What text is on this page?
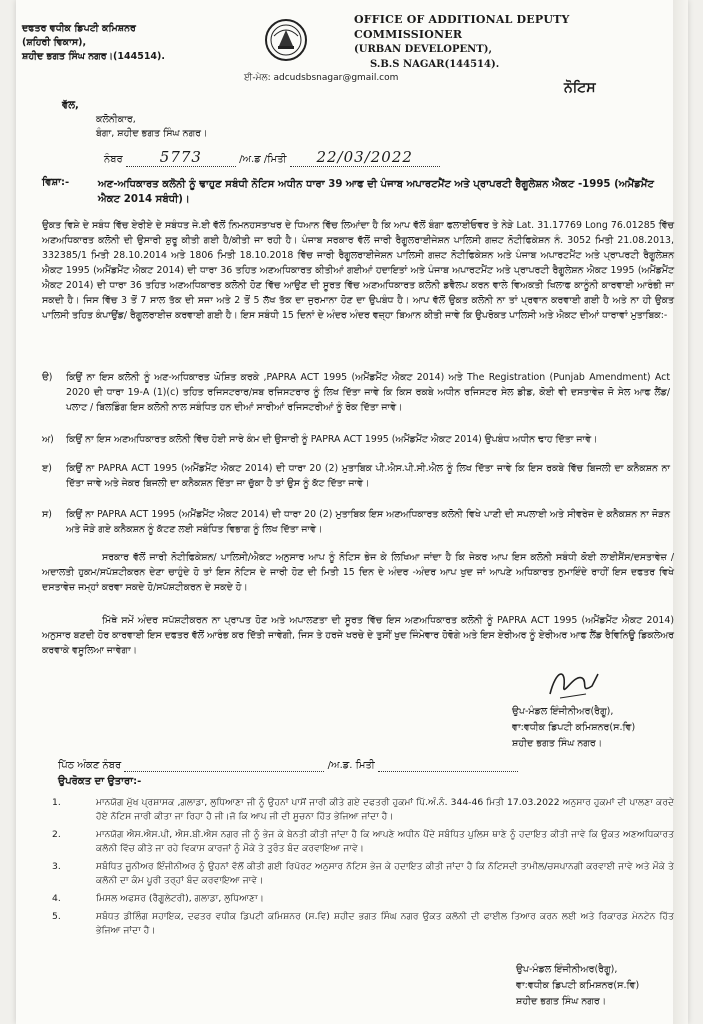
ਦਫਤਰ ਵਧੀਕ ਡਿਪਟੀ ਕਮਿਸ਼ਨਰ
(ਸ਼ਹਿਰੀ ਵਿਕਾਸ),
ਸ਼ਹੀਦ ਭਗਤ ਸਿੰਘ ਨਗਰ।(144514).
OFFICE OF ADDITIONAL DEPUTY COMMISSIONER
(URBAN DEVELOPENT),
S.B.S NAGAR(144514).
ਈ-ਮੇਲ: adcudsbsnagar@gmail.com
ਨੋਟਿਸ
ਵੱਲ,
ਕਲੋਨੀਕਾਰ,
ਬੰਗਾ, ਸ਼ਹੀਦ ਭਗਤ ਸਿੰਘ ਨਗਰ।
ਨੰਬਰ 5773	/ਅ.ਡ /ਮਿਤੀ 22/03/2022
ਵਿਸ਼ਾ:-	ਅਣ-ਅਧਿਕਾਰਤ ਕਲੋਨੀ ਨੂੰ ਢਾਹੁਣ ਸਬੰਧੀ ਨੋਟਿਸ ਅਧੀਨ ਧਾਰਾ 39 ਆਫ ਦੀ ਪੰਜਾਬ ਅਪਾਰਟਮੈਂਟ ਅਤੇ ਪ੍ਰਾਪਰਟੀ ਰੈਗੂਲੇਸ਼ਨ ਐਕਟ -1995 (ਅਮੈਂਡਮੈਂਟ ਐਕਟ 2014 ਸਬੰਧੀ)।
ਉਕਤ ਵਿਸ਼ੇ ਦੇ ਸਬੰਧ ਵਿੱਚ ਏਰੀਏ ਦੇ ਸਬੰਧਤ ਜੇ.ਈ ਵੱਲੋਂ ਨਿਮਨਹਸਤਾਖਰ ਦੇ ਧਿਆਨ ਵਿੱਚ ਲਿਆਂਦਾ ਹੈ ਕਿ ਆਪ ਵੱਲੋਂ ਬੰਗਾ ਫਲਾਈਓਵਰ ਤੇ ਨੇੜੇ Lat. 31.17769 Long 76.01285 ਵਿੱਚ ਅਣਅਧਿਕਾਰਤ ਕਲੋਨੀ ਦੀ ਉਸਾਰੀ ਸ਼ੁਰੂ ਕੀਤੀ ਗਈ ਹੈ/ਕੀਤੀ ਜਾ ਰਹੀ ਹੈ। ਪੰਜਾਬ ਸਰਕਾਰ ਵੱਲੋਂ ਜਾਰੀ ਰੈਗੂਲਰਾਈਜੇਸ਼ਨ ਪਾਲਿਸੀ ਗਜ਼ਟ ਨੋਟੀਫਿਕੇਸ਼ਨ ਨੰ. 3052 ਮਿਤੀ 21.08.2013, 332385/1 ਮਿਤੀ 28.10.2014 ਅਤੇ 1806 ਮਿਤੀ 18.10.2018 ਵਿੱਚ ਜਾਰੀ ਰੈਗੂਲਰਾਈਜੇਸ਼ਨ ਪਾਲਿਸੀ ਗਜ਼ਟ ਨੋਟੀਫਿਕੇਸ਼ਨ ਅਤੇ ਪੰਜਾਬ ਅਪਾਰਟਮੈਂਟ ਅਤੇ ਪ੍ਰਾਪਰਟੀ ਰੈਗੂਲੇਸ਼ਨ ਐਕਟ 1995 (ਅਮੈਂਡਮੈਂਟ ਐਕਟ 2014) ਦੀ ਧਾਰਾ 36 ਤਹਿਤ ਅਣਅਧਿਕਾਰਤ ਕੀਤੀਆਂ ਗਈਆਂ ਹਦਾਇਤਾਂ ਅਤੇ ਪੰਜਾਬ ਅਪਾਰਟਮੈਂਟ ਅਤੇ ਪ੍ਰਾਪਰਟੀ ਰੈਗੂਲੇਸ਼ਨ ਐਕਟ 1995 (ਅਮੈਂਡਮੈਂਟ ਐਕਟ 2014) ਦੀ ਧਾਰਾ 36 ਤਹਿਤ ਅਣਅਧਿਕਾਰਤ ਕਲੋਨੀ ਹੋਣ ਵਿੱਚ ਆਉਣ ਦੀ ਸੂਰਤ ਵਿੱਚ ਅਣਅਧਿਕਾਰਤ ਕਲੋਨੀ ਡਵੈਲਪ ਕਰਨ ਵਾਲੇ ਵਿਅਕਤੀ ਖਿਲਾਫ ਕਾਨੂੰਨੀ ਕਾਰਵਾਈ ਆਰੰਭੀ ਜਾ ਸਕਦੀ ਹੈ। ਜਿਸ ਵਿੱਚ 3 ਤੋਂ 7 ਸਾਲ ਤੱਕ ਦੀ ਸਜਾ ਅਤੇ 2 ਤੋਂ 5 ਲੱਖ ਤੱਕ ਦਾ ਜੁਰਮਾਨਾ ਹੋਣ ਦਾ ਉਪਬੰਧ ਹੈ। ਆਪ ਵੱਲੋਂ ਉਕਤ ਕਲੋਨੀ ਨਾ ਤਾਂ ਪ੍ਰਵਾਨ ਕਰਵਾਈ ਗਈ ਹੈ ਅਤੇ ਨਾ ਹੀ ਉਕਤ ਪਾਲਿਸੀ ਤਹਿਤ ਕੰਪਾਉਂਡ/ ਰੈਗੂਲਰਾਈਜ਼ ਕਰਵਾਈ ਗਈ ਹੈ। ਇਸ ਸਬੰਧੀ 15 ਦਿਨਾਂ ਦੇ ਅੰਦਰ ਅੰਦਰ ਵਜ਼੍ਹਾ ਬਿਆਨ ਕੀਤੀ ਜਾਵੇ ਕਿ ਉਪਰੋਕਤ ਪਾਲਿਸੀ ਅਤੇ ਐਕਟ ਦੀਆਂ ਧਾਰਾਵਾਂ ਮੁਤਾਬਿਕ:-
ੳ) ਕਿਉਂ ਨਾ ਇਸ ਕਲੋਨੀ ਨੂੰ ਅਣ-ਅਧਿਕਾਰਤ ਘੋਸ਼ਿਤ ਕਰਕੇ ,PAPRA ACT 1995 (ਅਮੈਂਡਮੈਂਟ ਐਕਟ 2014) ਅਤੇ The Registration (Punjab Amendment) Act 2020 ਦੀ ਧਾਰਾ 19-A (1)(c) ਤਹਿਤ ਰਜਿਸਟਰਾਰ/ਸਬ ਰਜਿਸਟਰਾਰ ਨੂੰ ਲਿਖ ਦਿੱਤਾ ਜਾਵੇ ਕਿ ਕਿਸ ਰਕਬੇ ਅਧੀਨ ਰਜਿਸਟਰ ਸੇਲ ਡੀਡ, ਕੋਈ ਵੀ ਦਸਤਾਵੇਜ਼ ਜੋ ਸੇਲ ਆਫ ਲੈਂਡ/ ਪਲਾਟ / ਬਿਲਡਿੰਗ ਇਸ ਕਲੋਨੀ ਨਾਲ ਸਬੰਧਿਤ ਹਨ ਦੀਆਂ ਸਾਰੀਆਂ ਰਜਿਸਟਰੀਆਂ ਨੂੰ ਰੋਕ ਦਿੱਤਾ ਜਾਵੇ।
ਅ) ਕਿਉਂ ਨਾ ਇਸ ਅਣਅਧਿਕਾਰਤ ਕਲੋਨੀ ਵਿੱਚ ਹੋਈ ਸਾਰੇ ਕੰਮ ਦੀ ਉਸਾਰੀ ਨੂੰ PAPRA ACT 1995 (ਅਮੈਂਡਮੈਂਟ ਐਕਟ 2014) ਉਪਬੰਧ ਅਧੀਨ ਢਾਹ ਦਿੱਤਾ ਜਾਵੇ।
ੲ) ਕਿਉਂ ਨਾ PAPRA ACT 1995 (ਅਮੈਂਡਮੈਂਟ ਐਕਟ 2014) ਦੀ ਧਾਰਾ 20 (2) ਮੁਤਾਬਿਕ ਪੀ.ਐਸ.ਪੀ.ਸੀ.ਐਲ ਨੂੰ ਲਿਖ ਦਿੱਤਾ ਜਾਵੇ ਕਿ ਇਸ ਰਕਬੇ ਵਿੱਚ ਬਿਜਲੀ ਦਾ ਕਨੈਕਸ਼ਨ ਨਾ ਦਿੱਤਾ ਜਾਵੇ ਅਤੇ ਜੇਕਰ ਬਿਜਲੀ ਦਾ ਕਨੈਕਸ਼ਨ ਦਿੱਤਾ ਜਾ ਚੁੱਕਾ ਹੈ ਤਾਂ ਉਸ ਨੂੰ ਕੱਟ ਦਿੱਤਾ ਜਾਵੇ।
ਸ) ਕਿਉਂ ਨਾ PAPRA ACT 1995 (ਅਮੈਂਡਮੈਂਟ ਐਕਟ 2014) ਦੀ ਧਾਰਾ 20 (2) ਮੁਤਾਬਿਕ ਇਸ ਅਣਅਧਿਕਾਰਤ ਕਲੋਨੀ ਵਿਖੇ ਪਾਣੀ ਦੀ ਸਪਲਾਈ ਅਤੇ ਸੀਵਰੇਜ ਦੇ ਕਨੈਕਸ਼ਨ ਨਾ ਜੋੜਨ ਅਤੇ ਜੋੜੇ ਗਏ ਕਨੈਕਸ਼ਨ ਨੂੰ ਕੱਟਣ ਲਈ ਸਬੰਧਿਤ ਵਿਭਾਗ ਨੂੰ ਲਿਖ ਦਿੱਤਾ ਜਾਵੇ।
ਸਰਕਾਰ ਵੱਲੋਂ ਜਾਰੀ ਨੋਟੀਫਿਕੇਸ਼ਨ/ ਪਾਲਿਸੀ/ਐਕਟ ਅਨੁਸਾਰ ਆਪ ਨੂੰ ਨੋਟਿਸ ਭੇਜ ਕੇ ਲਿਖਿਆ ਜਾਂਦਾ ਹੈ ਕਿ ਜੇਕਰ ਆਪ ਇਸ ਕਲੋਨੀ ਸਬੰਧੀ ਕੋਈ ਲਾਈਸੈਂਸ/ਦਸਤਾਵੇਜ਼ /ਅਦਾਲਤੀ ਹੁਕਮ/ਸਪੱਸ਼ਟੀਕਰਨ ਦੇਣਾ ਚਾਹੁੰਦੇ ਹੋ ਤਾਂ ਇਸ ਨੋਟਿਸ ਦੇ ਜਾਰੀ ਹੋਣ ਦੀ ਮਿਤੀ 15 ਦਿਨ ਦੇ ਅੰਦਰ -ਅੰਦਰ ਆਪ ਖੁਦ ਜਾਂ ਆਪਣੇ ਅਧਿਕਾਰਤ ਨੁਮਾਇੰਦੇ ਰਾਹੀਂ ਇਸ ਦਫਤਰ ਵਿਖੇ ਦਸਤਾਵੇਜ਼ ਜਮ੍ਹਾਂ ਕਰਵਾ ਸਕਦੇ ਹੋ/ਸਪੱਸ਼ਟੀਕਰਨ ਦੇ ਸਕਦੇ ਹੋ।
ਮਿੱਥੇ ਸਮੇਂ ਅੰਦਰ ਸਪੱਸ਼ਟੀਕਰਨ ਨਾ ਪ੍ਰਾਪਤ ਹੋਣ ਅਤੇ ਅਪਾਲਣਤਾ ਦੀ ਸੂਰਤ ਵਿੱਚ ਇਸ ਅਣਅਧਿਕਾਰਤ ਕਲੋਨੀ ਨੂੰ PAPRA ACT 1995 (ਅਮੈਂਡਮੈਂਟ ਐਕਟ 2014) ਅਨੁਸਾਰ ਬਣਦੀ ਹੋਰ ਕਾਰਵਾਈ ਇਸ ਦਫਤਰ ਵੱਲੋਂ ਆਰੰਭ ਕਰ ਦਿੱਤੀ ਜਾਵੇਗੀ, ਜਿਸ ਤੇ ਹਰਜੇ ਖਰਚੇ ਦੇ ਤੁਸੀਂ ਖੁਦ ਜਿੰਮੇਵਾਰ ਹੋਵੋਗੇ ਅਤੇ ਇਸ ਏਰੀਅਰ ਨੂੰ ਏਰੀਅਰ ਆਫ ਲੈਂਡ ਰੈਵਿਨਿਊ ਡਿਕਲੇਅਰ ਕਰਵਾਕੇ ਵਸੂਲਿਆ ਜਾਵੇਗਾ।
ਉਪ-ਮੰਡਲ ਇੰਜੀਨੀਅਰ(ਰੈਗੂ),
ਵਾ:ਵਧੀਕ ਡਿਪਟੀ ਕਮਿਸ਼ਨਰ(ਸ.ਵਿ)
ਸ਼ਹੀਦ ਭਗਤ ਸਿੰਘ ਨਗਰ।
ਪਿੱਠ ਅੰਕਣ ਨੰਬਰ	/ਅ.ਡ. ਮਿਤੀ
ਉਪਰੋਕਤ ਦਾ ਉਤਾਰਾ:-
1.	ਮਾਨਯੋਗ ਮੁੱਖ ਪ੍ਰਸ਼ਾਸਕ ,ਗਲਾਡਾ, ਲੁਧਿਆਣਾ ਜੀ ਨੂੰ ਉਹਨਾਂ ਪਾਸੋਂ ਜਾਰੀ ਕੀਤੇ ਗਏ ਦਫਤਰੀ ਹੁਕਮਾਂ ਪਿੱ.ਅੰ.ਨੰ. 344-46 ਮਿਤੀ 17.03.2022 ਅਨੁਸਾਰ ਹੁਕਮਾਂ ਦੀ ਪਾਲਣਾ ਕਰਦੇ ਹੋਏ ਨੋਟਿਸ ਜਾਰੀ ਕੀਤਾ ਜਾ ਰਿਹਾ ਹੈ ਜੀ।ਜੋ ਕਿ ਆਪ ਜੀ ਦੀ ਸੂਚਨਾ ਹਿੱਤ ਭੇਜਿਆ ਜਾਂਦਾ ਹੈ।
2.	ਮਾਨਯੋਗ ਐਸ.ਐਸ.ਪੀ, ਐਸ.ਬੀ.ਐਸ ਨਗਰ ਜੀ ਨੂੰ ਭੇਜ ਕੇ ਬੇਨਤੀ ਕੀਤੀ ਜਾਂਦਾ ਹੈ ਕਿ ਆਪਣੇ ਅਧੀਨ ਪੈਂਦੇ ਸਬੰਧਿਤ ਪੁਲਿਸ ਥਾਣੇ ਨੂੰ ਹਦਾਇਤ ਕੀਤੀ ਜਾਵੇ ਕਿ ਉਕਤ ਅਣਅਧਿਕਾਰਤ ਕਲੋਨੀ ਵਿੱਚ ਕੀਤੇ ਜਾ ਰਹੇ ਵਿਕਾਸ ਕਾਰਜਾਂ ਨੂੰ ਮੌਕੇ ਤੇ ਤੁਰੰਤ ਬੰਦ ਕਰਵਾਇਆ ਜਾਵੇ।
3.	ਸਬੰਧਿਤ ਜੂਨੀਅਰ ਇੰਜੀਨੀਅਰ ਨੂੰ ਉਹਨਾਂ ਵੱਲੋਂ ਕੀਤੀ ਗਈ ਰਿਪੋਰਟ ਅਨੁਸਾਰ ਨੋਟਿਸ ਭੇਜ ਕੇ ਹਦਾਇਤ ਕੀਤੀ ਜਾਂਦਾ ਹੈ ਕਿ ਨੋਟਿਸਦੀ ਤਾਮੀਲ/ਚਸਪਾਨਗੀ ਕਰਵਾਈ ਜਾਵੇ ਅਤੇ ਮੌਕੇ ਤੇ ਕਲੋਨੀ ਦਾ ਕੰਮ ਪੂਰੀ ਤਰ੍ਹਾਂ ਬੰਦ ਕਰਵਾਇਆ ਜਾਵੇ।
4.	ਮਿਸਲ ਅਫਸਰ (ਰੈਗੂਲੇਟਰੀ), ਗਲਾਡਾ, ਲੁਧਿਆਣਾ।
5.	ਸਬੰਧਤ ਡੀਲਿੰਗ ਸਹਾਇਕ, ਦਫਤਰ ਵਧੀਕ ਡਿਪਟੀ ਕਮਿਸ਼ਨਰ (ਸ.ਵਿ) ਸ਼ਹੀਦ ਭਗਤ ਸਿੰਘ ਨਗਰ ਉਕਤ ਕਲੋਨੀ ਦੀ ਫਾਈਲ ਤਿਆਰ ਕਰਨ ਲਈ ਅਤੇ ਰਿਕਾਰਡ ਮੇਨਟੇਨ ਹਿੱਤ ਭੇਜਿਆ ਜਾਂਦਾ ਹੈ।
ਉਪ-ਮੰਡਲ ਇੰਜੀਨੀਅਰ(ਰੈਗੂ),
ਵਾ:ਵਧੀਕ ਡਿਪਟੀ ਕਮਿਸ਼ਨਰ(ਸ.ਵਿ)
ਸ਼ਹੀਦ ਭਗਤ ਸਿੰਘ ਨਗਰ।
